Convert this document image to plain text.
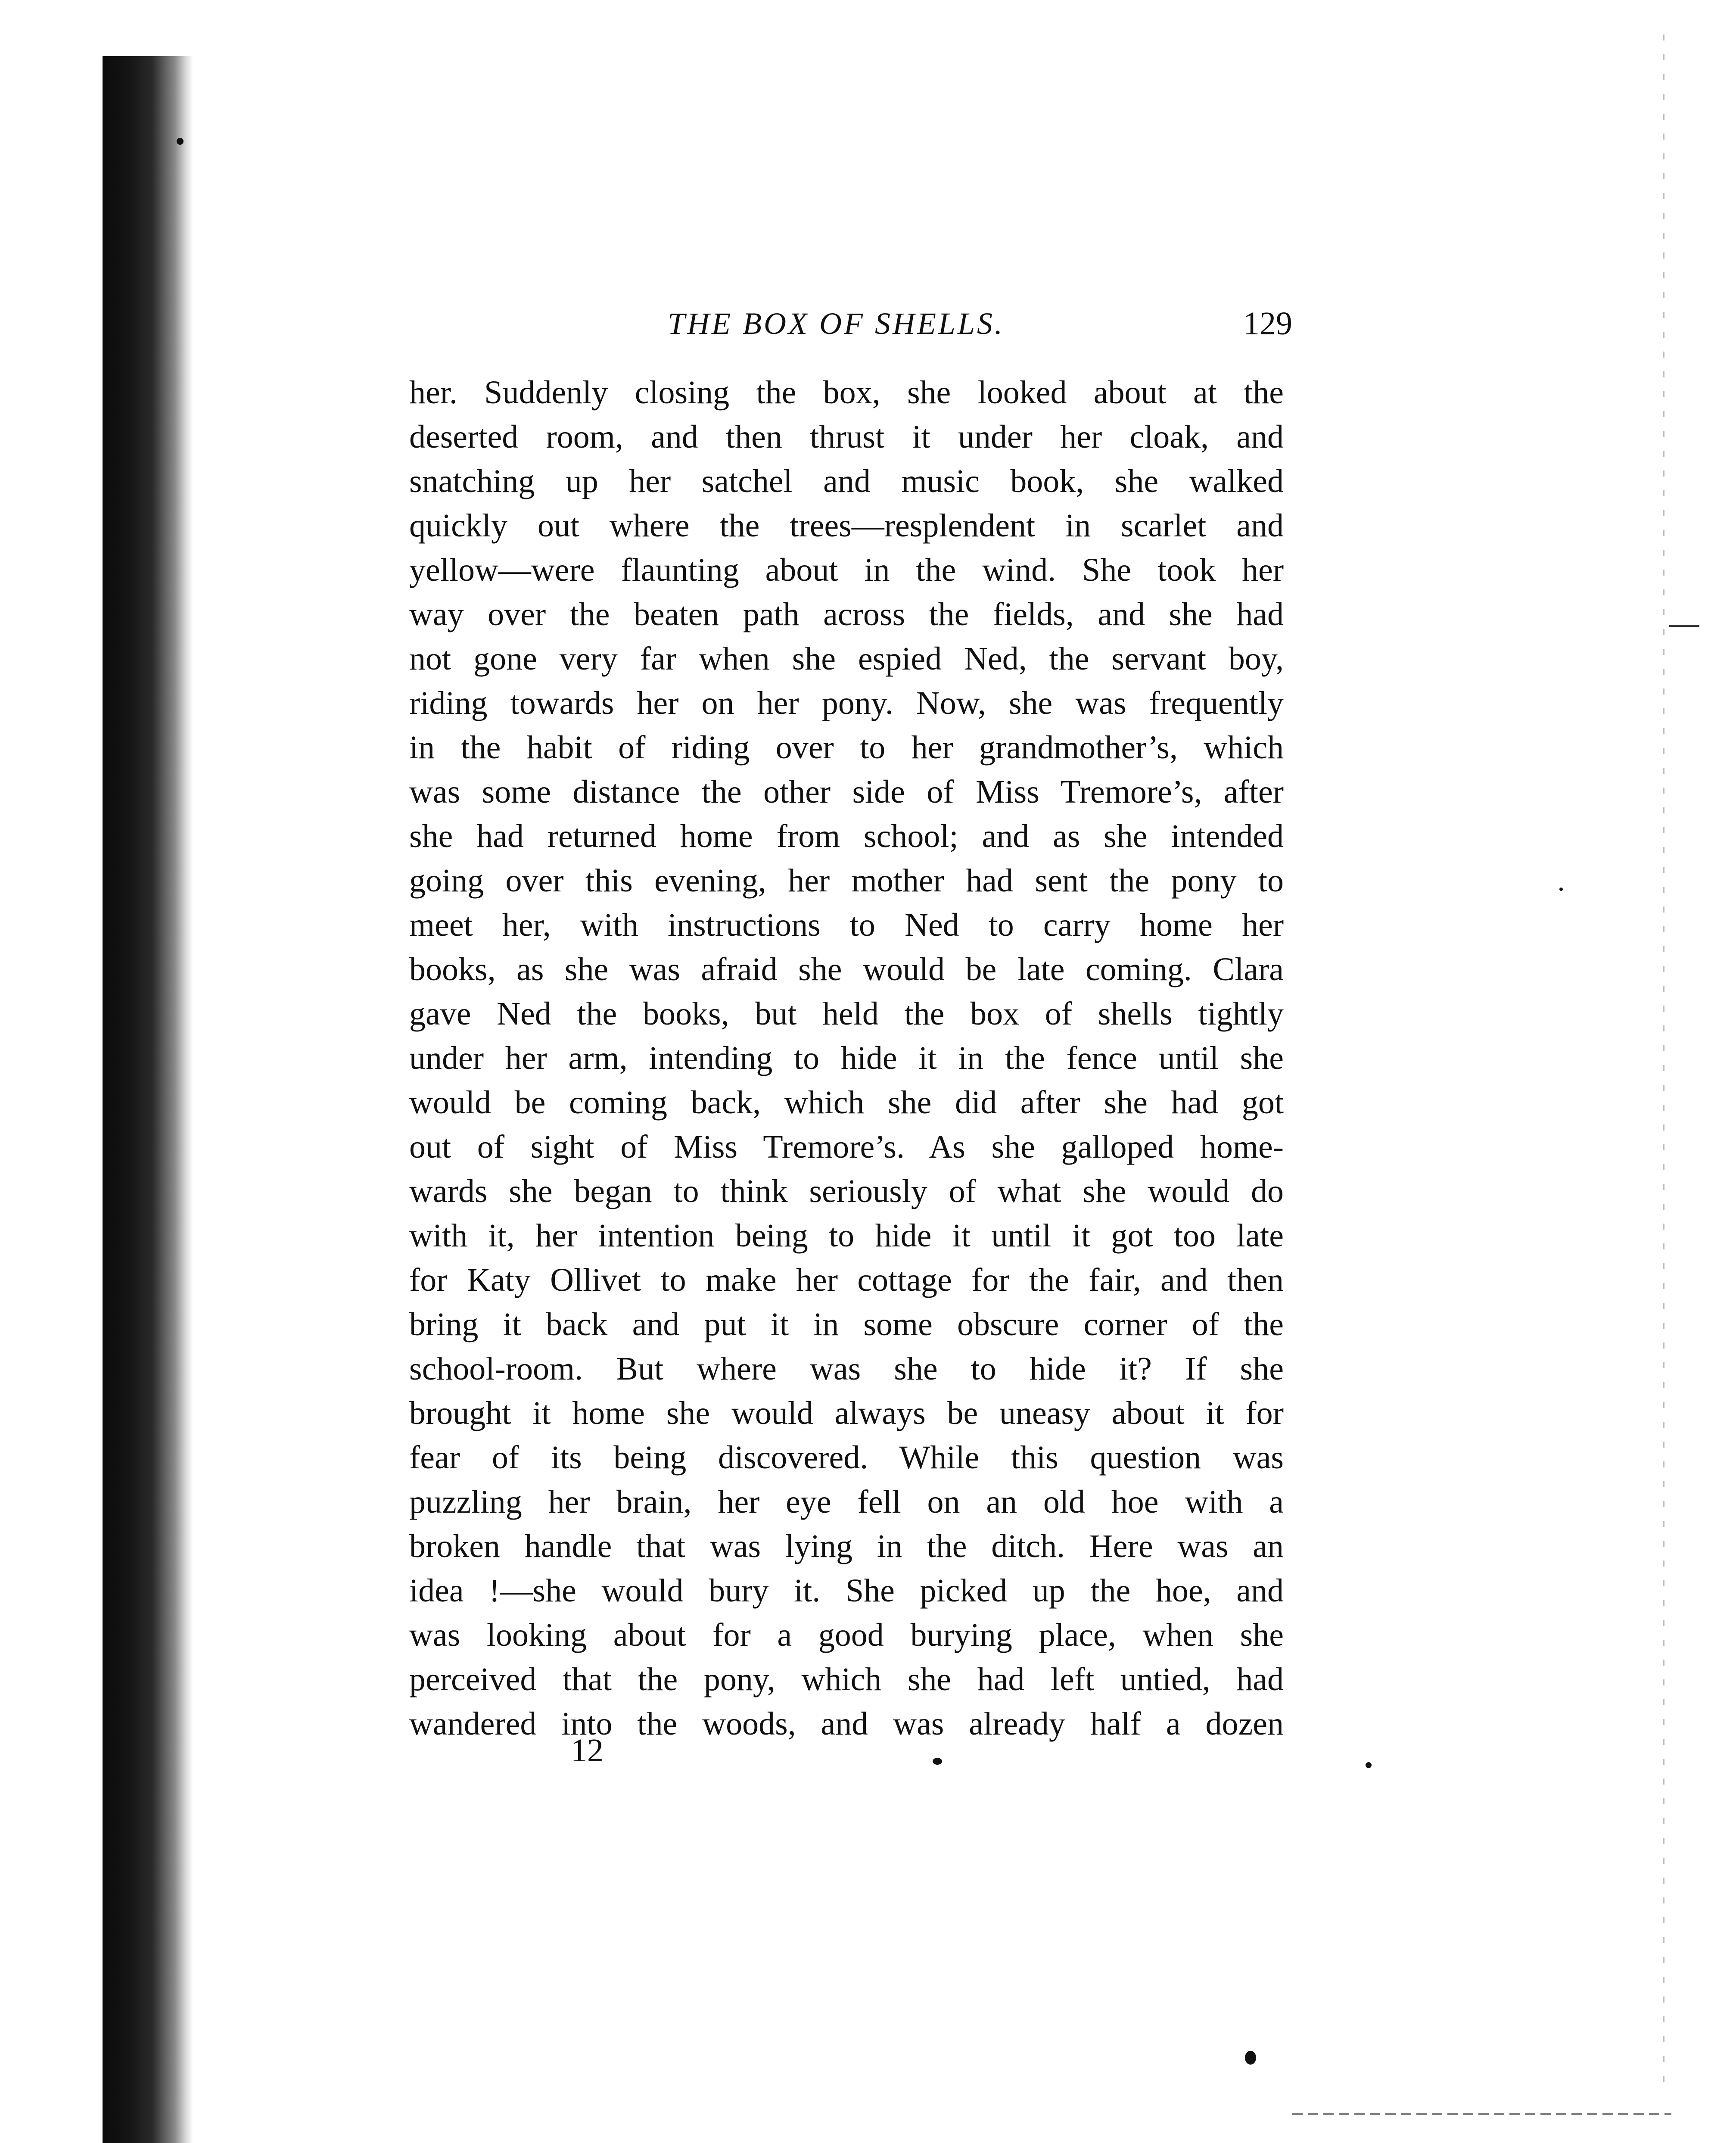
THE BOX OF SHELLS.	129
her. Suddenly closing the box, she looked about at the
deserted room, and then thrust it under her cloak, and
snatching up her satchel and music book, she walked
quickly out where the trees—resplendent in scarlet and
yellow—were flaunting about in the wind. She took her
way over the beaten path across the fields, and she had
not gone very far when she espied Ned, the servant boy,
riding towards her on her pony. Now, she was frequently
in the habit of riding over to her grandmother’s, which
was some distance the other side of Miss Tremore’s, after
she had returned home from school; and as she intended
going over this evening, her mother had sent the pony to
meet her, with instructions to Ned to carry home her
books, as she was afraid she would be late coming. Clara
gave Ned the books, but held the box of shells tightly
under her arm, intending to hide it in the fence until she
would be coming back, which she did after she had got
out of sight of Miss Tremore’s. As she galloped home-
wards she began to think seriously of what she would do
with it, her intention being to hide it until it got too late
for Katy Ollivet to make her cottage for the fair, and then
bring it back and put it in some obscure corner of the
school-room. But where was she to hide it? If she
brought it home she would always be uneasy about it for
fear of its being discovered. While this question was
puzzling her brain, her eye fell on an old hoe with a
broken handle that was lying in the ditch. Here was an
idea !—she would bury it. She picked up the hoe, and
was looking about for a good burying place, when she
perceived that the pony, which she had left untied, had
wandered into the woods, and was already half a dozen
12
